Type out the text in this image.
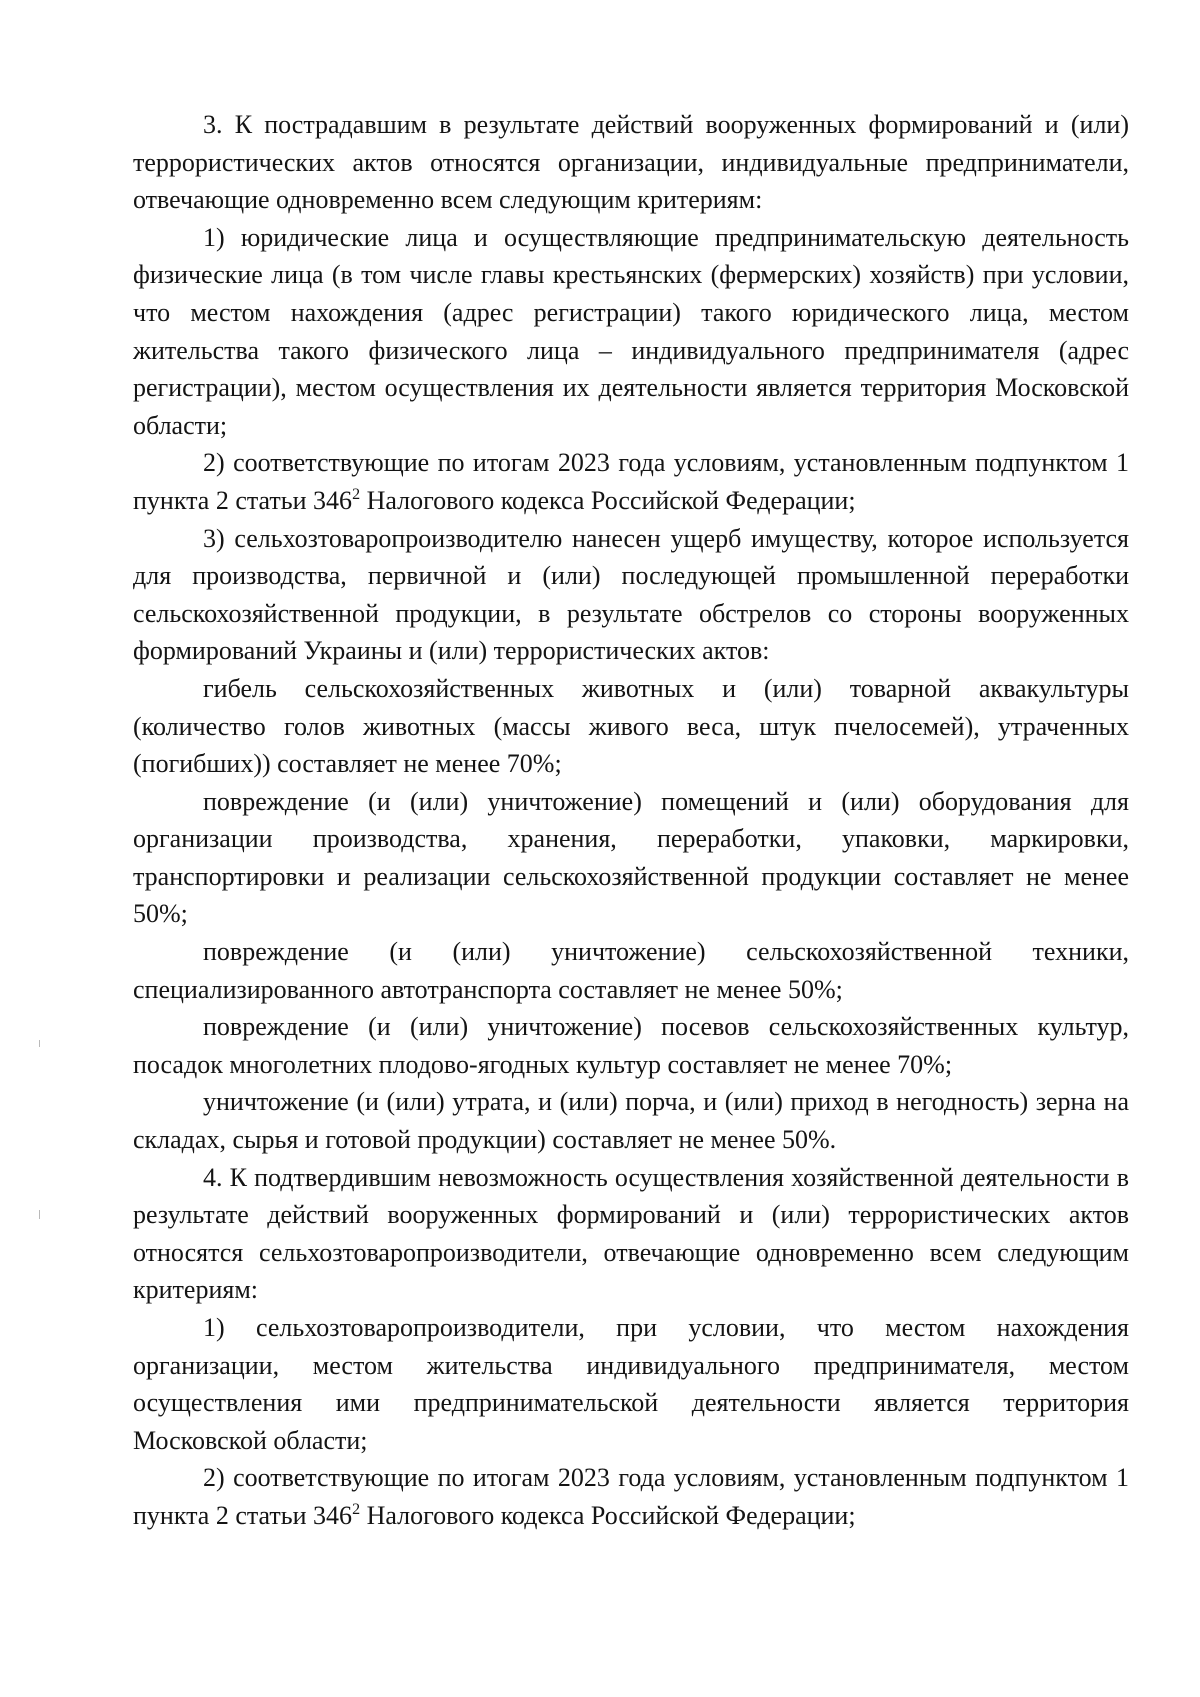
3. К пострадавшим в результате действий вооруженных формирований и (или) террористических актов относятся организации, индивидуальные предприниматели, отвечающие одновременно всем следующим критериям:

1) юридические лица и осуществляющие предпринимательскую деятельность физические лица (в том числе главы крестьянских (фермерских) хозяйств) при условии, что местом нахождения (адрес регистрации) такого юридического лица, местом жительства такого физического лица – индивидуального предпринимателя (адрес регистрации), местом осуществления их деятельности является территория Московской области;

2) соответствующие по итогам 2023 года условиям, установленным подпунктом 1 пункта 2 статьи $346^2$ Налогового кодекса Российской Федерации;

3) сельхозтоваропроизводителю нанесен ущерб имуществу, которое используется для производства, первичной и (или) последующей промышленной переработки сельскохозяйственной продукции, в результате обстрелов со стороны вооруженных формирований Украины и (или) террористических актов:

гибель сельскохозяйственных животных и (или) товарной аквакультуры (количество голов животных (массы живого веса, штук пчелосемей), утраченных (погибших)) составляет не менее 70%;

повреждение (и (или) уничтожение) помещений и (или) оборудования для организации производства, хранения, переработки, упаковки, маркировки, транспортировки и реализации сельскохозяйственной продукции составляет не менее 50%;

повреждение (и (или) уничтожение) сельскохозяйственной техники, специализированного автотранспорта составляет не менее 50%;

повреждение (и (или) уничтожение) посевов сельскохозяйственных культур, посадок многолетних плодово-ягодных культур составляет не менее 70%;

уничтожение (и (или) утрата, и (или) порча, и (или) приход в негодность) зерна на складах, сырья и готовой продукции) составляет не менее 50%.

4. К подтвердившим невозможность осуществления хозяйственной деятельности в результате действий вооруженных формирований и (или) террористических актов относятся сельхозтоваропроизводители, отвечающие одновременно всем следующим критериям:

1) сельхозтоваропроизводители, при условии, что местом нахождения организации, местом жительства индивидуального предпринимателя, местом осуществления ими предпринимательской деятельности является территория Московской области;

2) соответствующие по итогам 2023 года условиям, установленным подпунктом 1 пункта 2 статьи $346^2$ Налогового кодекса Российской Федерации;
